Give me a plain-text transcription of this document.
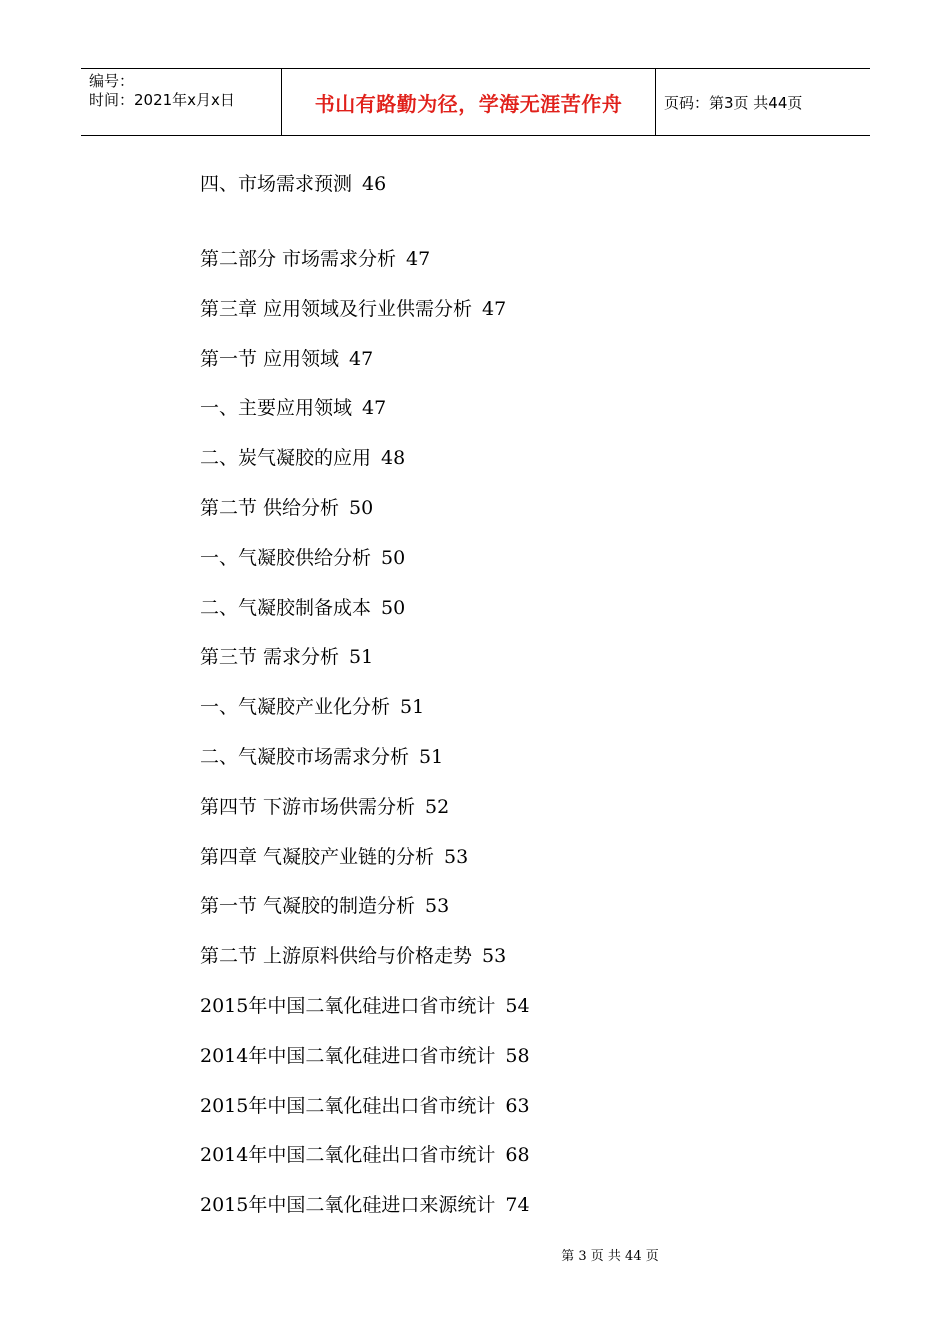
编号：
时间：2021年x月x日	书山有路勤为径，学海无涯苦作舟	页码：第3页 共44页
四、市场需求预测 46
第二部分 市场需求分析 47
第三章 应用领域及行业供需分析 47
第一节 应用领域 47
一、主要应用领域 47
二、炭气凝胶的应用 48
第二节 供给分析 50
一、气凝胶供给分析 50
二、气凝胶制备成本 50
第三节 需求分析 51
一、气凝胶产业化分析 51
二、气凝胶市场需求分析 51
第四节 下游市场供需分析 52
第四章 气凝胶产业链的分析 53
第一节 气凝胶的制造分析 53
第二节 上游原料供给与价格走势 53
2015年中国二氧化硅进口省市统计 54
2014年中国二氧化硅进口省市统计 58
2015年中国二氧化硅出口省市统计 63
2014年中国二氧化硅出口省市统计 68
2015年中国二氧化硅进口来源统计 74
第 3 页 共 44 页
